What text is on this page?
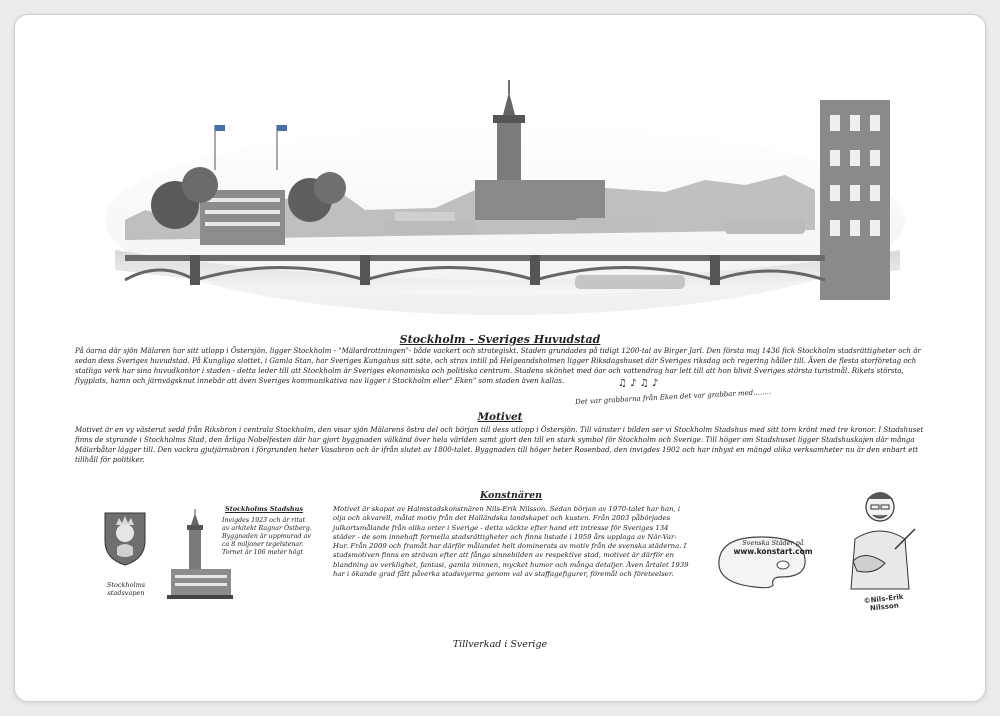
Stockholm - Sveriges Huvudstad
På öarna där sjön Mälaren har sitt utlopp i Östersjön, ligger Stockholm - "Mälardrottningen"- både vackert och strategiskt. Staden grundades på tidigt 1200-tal av Birger Jarl. Den första maj 1436 fick Stockholm stadsrättigheter och är sedan dess Sveriges huvudstad. På Kungliga slottet, i Gamla Stan, har Sveriges Kungahus sitt säte, och strax intill på Helgeandsholmen ligger Riksdagshuset där Sveriges riksdag och regering håller till. Även de flesta storföretag och statliga verk har sina huvudkontor i staden - detta leder till att Stockholm är Sveriges ekonomiska och politiska centrum. Stadens skönhet med öar och vattendrag har lett till att hon blivit Sveriges största turistmål. Rikets största, flygplats, hamn och järnvägsknut innebär att även Sveriges kommunikativa nav ligger i Stockholm eller" Eken" som staden även kallas.
Det var grabbarna från Eken det var grabbar med........
♫ ♪ ♫ ♪
Motivet
Motivet är en vy västerut sedd från Riksbron i centrala Stockholm, den visar sjön Mälarens östra del och början till dess utlopp i Östersjön. Till vänster i bilden ser vi Stockholm Stadshus med sitt torn krönt med tre kronor. I Stadshuset finns de styrande i Stockholms Stad, den årliga Nobelfesten där har gjort byggnaden välkänd över hela världen samt gjort den till en stark symbol för Stockholm och Sverige. Till höger om Stadshuset ligger Stadshuskajen där många Mälarbåtar lägger till. Den vackra gjutjärnsbron i förgrunden heter Vasabron och är ifrån slutet av 1800-talet. Byggnaden till höger heter Rosenbad, den invigdes 1902 och har inhyst en mängd olika verksamheter nu är den enbart ett tillhåll för politiker.
Stockholms
stadsvapen
Stockholms Stadshus
Invigdes 1923 och är ritat
av arkitekt Ragnar Östberg.
Byggnaden är uppmurad av
ca 8 miljoner tegelstenar.
Tornet är 106 meter högt
Konstnären
Motivet är skapat av Halmstadskonstnären Nils-Erik Nilsson. Sedan början av 1970-talet har han, i olja och akvarell, målat motiv från det Halländska landskapet och kusten. Från 2003 påbörjades julkortsmålande från olika orter i Sverige - detta väckte efter hand ett intresse för Sveriges 134 städer - de som innehaft formella stadsrättigheter och finns listade i 1959 års upplaga av När-Var-Hur. Från 2009 och framåt har därför målandet helt dominerats av motiv från de svenska städerna. I stadsmotiven finns en strävan efter att fånga sinnebilden av respektive stad, motivet är därför en blandning av verklighet, fantasi, gamla minnen, mycket humor och många detaljer. Även årtalet 1939 har i ökande grad fått påverka stadsvyerna genom val av staffagefigurer, föremål och företeelser.
Svenska Städer på
www.konstart.com
©Nils-Erik Nilsson
Tillverkad i Sverige
